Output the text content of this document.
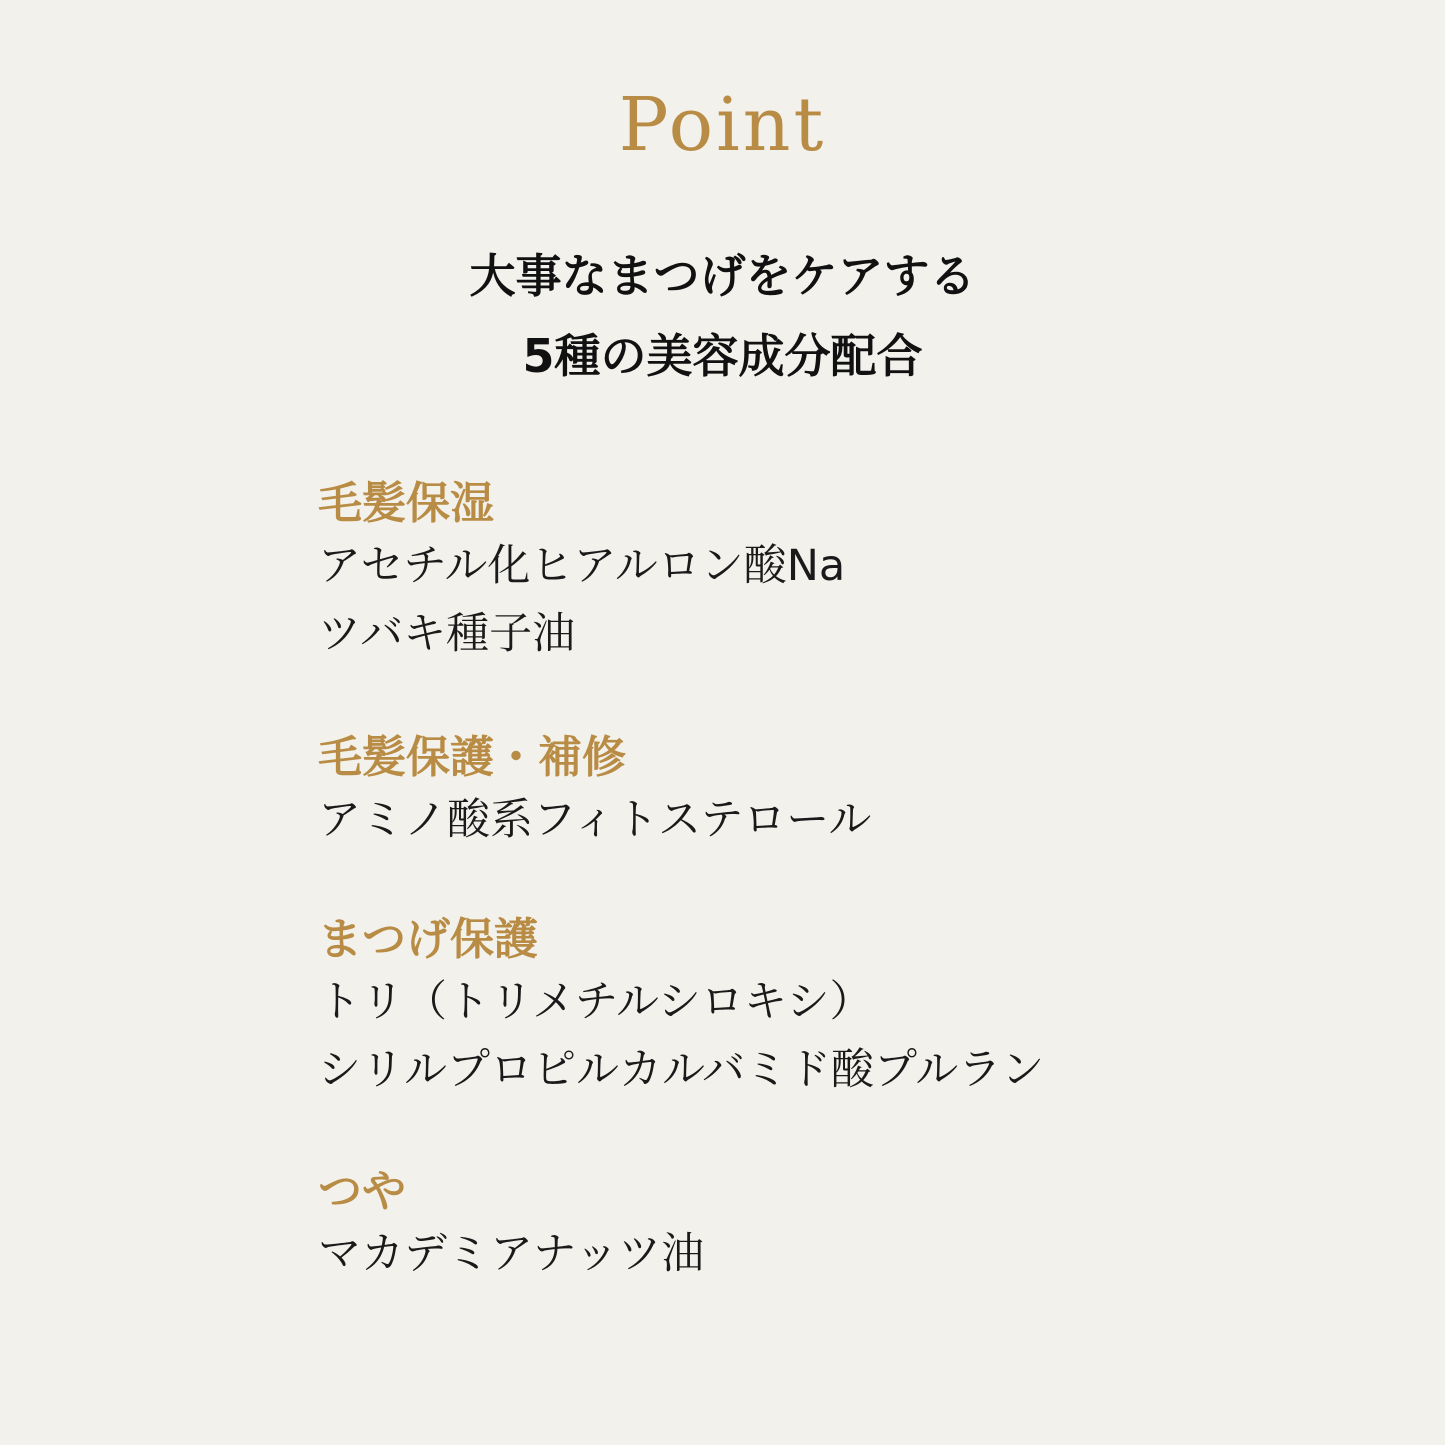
Point
大事なまつげをケアする
5種の美容成分配合
毛髪保湿
アセチル化ヒアルロン酸Na
ツバキ種子油
毛髪保護・補修
アミノ酸系フィトステロール
まつげ保護
トリ（トリメチルシロキシ）
シリルプロピルカルバミド酸プルラン
つや
マカデミアナッツ油
